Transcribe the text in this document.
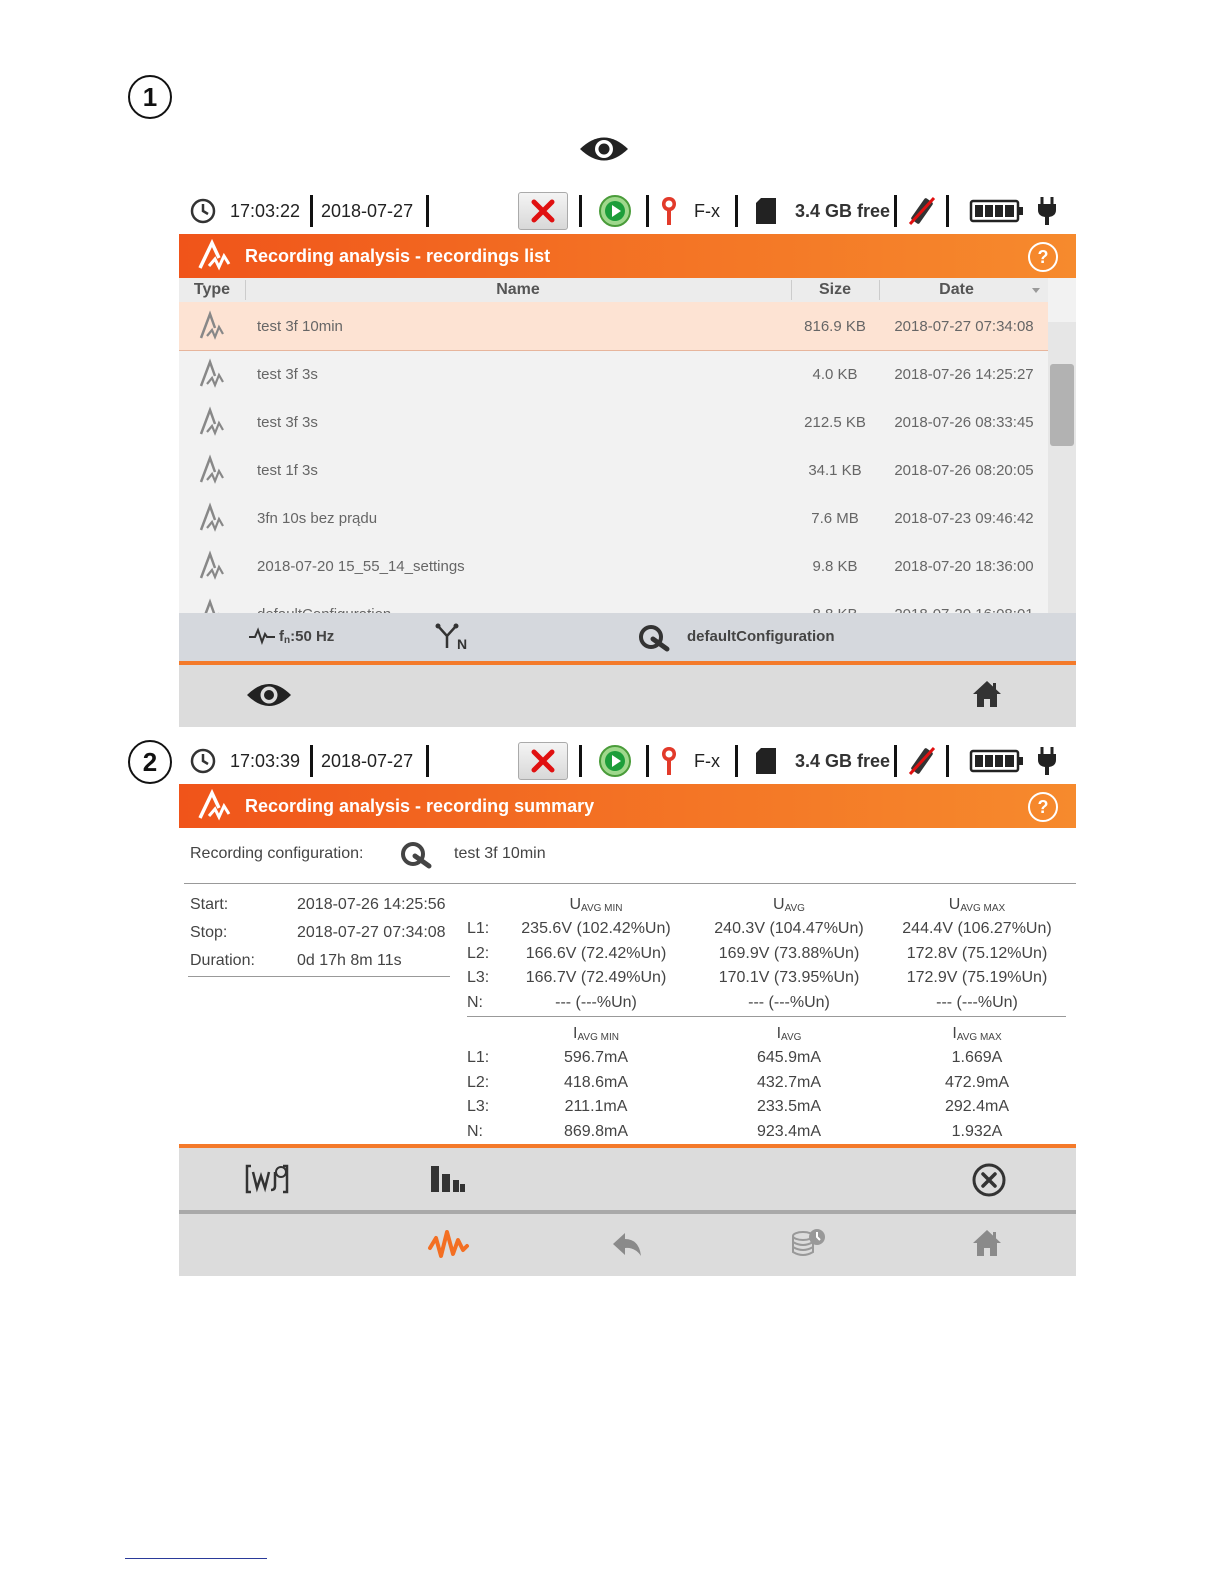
1
17:03:22 2018-07-27	F-x	3.4 GB free
Recording analysis - recordings list	?
Type	Name	Size	Date
test 3f 10min	816.9 KB	2018-07-27 07:34:08
test 3f 3s	4.0 KB	2018-07-26 14:25:27
test 3f 3s	212.5 KB	2018-07-26 08:33:45
test 1f 3s	34.1 KB	2018-07-26 08:20:05
3fn 10s bez prądu	7.6 MB	2018-07-23 09:46:42
2018-07-20 15_55_14_settings	9.8 KB	2018-07-20 18:36:00
$f_n:50$ Hz	N	defaultConfiguration
2	17:03:39 2018-07-27	F-x	3.4 GB free
Recording analysis - recording summary	?
Recording configuration:	test 3f 10min
Start:	2018-07-26 14:25:56
Stop:	2018-07-27 07:34:08
Duration:	0d 17h 8m 11s
$U_{AVG MIN}$	$U_{AVG}$	$U_{AVG MAX}$
L1:	235.6V (102.42%Un)	240.3V (104.47%Un)	244.4V (106.27%Un)
L2:	166.6V (72.42%Un)	169.9V (73.88%Un)	172.8V (75.12%Un)
L3:	166.7V (72.49%Un)	170.1V (73.95%Un)	172.9V (75.19%Un)
N:	--- (---%Un)	--- (---%Un)	--- (---%Un)
$I_{AVG MIN}$	$I_{AVG}$	$I_{AVG MAX}$
L1:	596.7mA	645.9mA	1.669A
L2:	418.6mA	432.7mA	472.9mA
L3:	211.1mA	233.5mA	292.4mA
N:	869.8mA	923.4mA	1.932A
